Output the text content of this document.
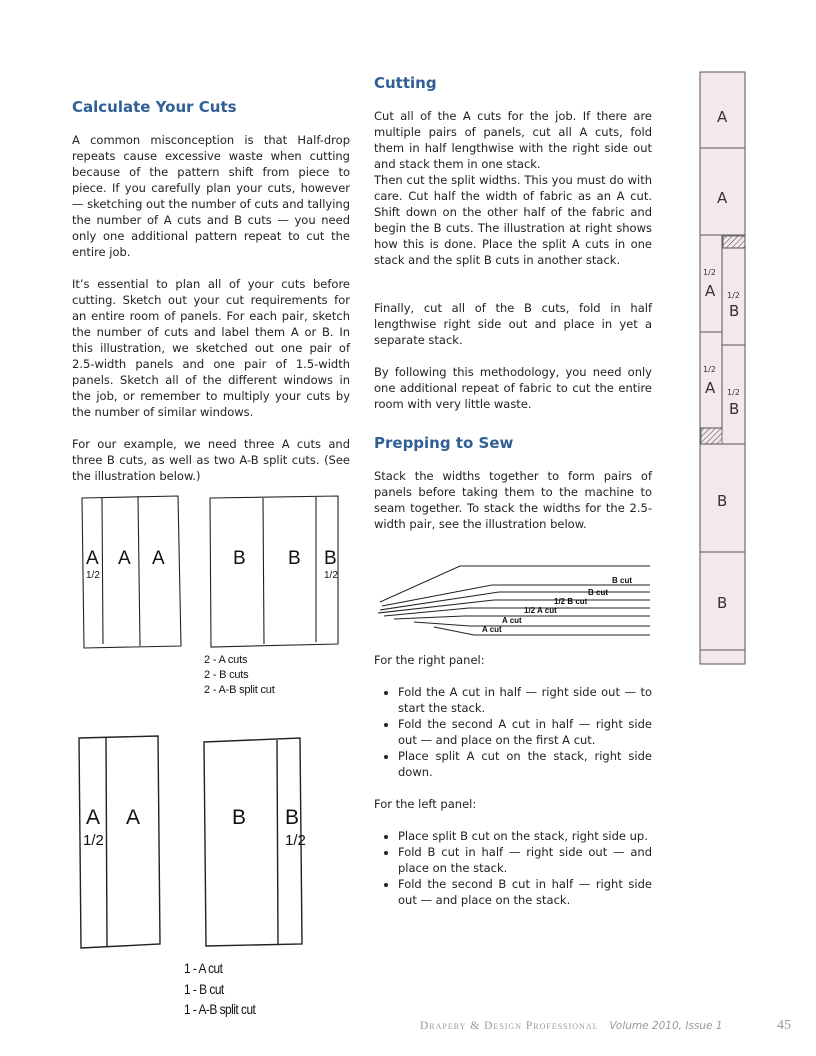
Calculate Your Cuts

A common misconception is that Half-drop repeats cause excessive waste when cutting because of the pattern shift from piece to piece. If you carefully plan your cuts, however — sketching out the number of cuts and tallying the number of A cuts and B cuts — you need only one additional pattern repeat to cut the entire job.

It’s essential to plan all of your cuts before cutting. Sketch out your cut requirements for an entire room of panels. For each pair, sketch the number of cuts and label them A or B. In this illustration, we sketched out one pair of 2.5-width panels and one pair of 1.5-width panels. Sketch all of the different windows in the job, or remember to multiply your cuts by the number of similar windows.

For our example, we need three A cuts and three B cuts, as well as two A-B split cuts. (See the illustration below.)

A
1/2
A A	B B B
1/2
2 - A cuts
2 - B cuts
2 - A-B split cut
A
1/2
A	B B
1/2
1 - A cut
1 - B cut
1 - A-B split cut
Cutting

Cut all of the A cuts for the job. If there are multiple pairs of panels, cut all A cuts, fold them in half lengthwise with the right side out and stack them in one stack.

Then cut the split widths. This you must do with care. Cut half the width of fabric as an A cut. Shift down on the other half of the fabric and begin the B cuts. The illustration at right shows how this is done. Place the split A cuts in one stack and the split B cuts in another stack.

Finally, cut all of the B cuts, fold in half lengthwise right side out and place in yet a separate stack.

By following this methodology, you need only one additional repeat of fabric to cut the entire room with very little waste.

Prepping to Sew

Stack the widths together to form pairs of panels before taking them to the machine to seam together. To stack the widths for the 2.5-width pair, see the illustration below.

B cut
B cut
1/2 B cut
1/2 A cut
A cut
A cut

For the right panel:

• Fold the A cut in half — right side out — to start the stack.
• Fold the second A cut in half — right side out — and place on the first A cut.
• Place split A cut on the stack, right side down.

For the left panel:

• Place split B cut on the stack, right side up.
• Fold B cut in half — right side out — and place on the stack.
• Fold the second B cut in half — right side out — and place on the stack.
A
A
1/2
A 1/2
B
1/2
A 1/2
B
B
B
Drapery & Design Professional Volume 2010, Issue 1	45
